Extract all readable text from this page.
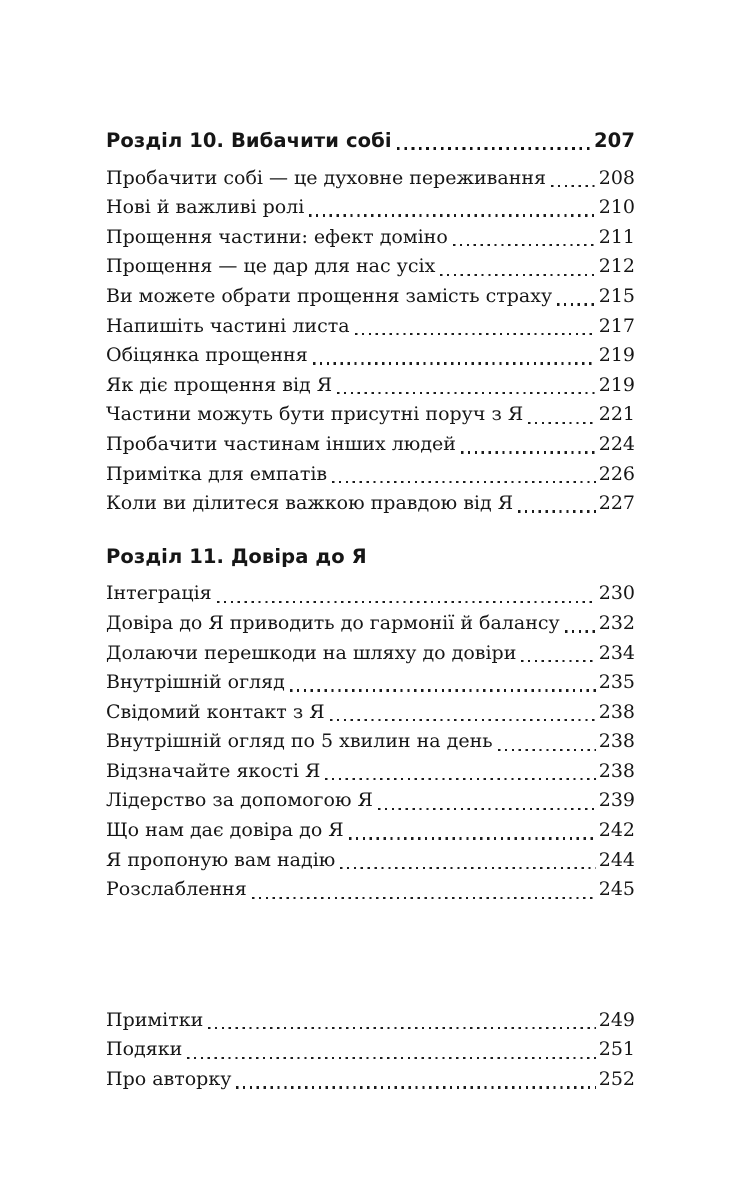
Розділ 10. Вибачити собі	207
Пробачити собі — це духовне переживання	208
Нові й важливі ролі	210
Прощення частини: ефект доміно	211
Прощення — це дар для нас усіх	212
Ви можете обрати прощення замість страху 215
Напишіть частині листа	217
Обіцянка прощення	219
Як діє прощення від Я	219
Частини можуть бути присутні поруч з Я	221
Пробачити частинам інших людей	224
Примітка для емпатів	226
Коли ви ділитеся важкою правдою від Я	227
Розділ 11. Довіра до Я
Інтеграція	230
Довіра до Я приводить до гармонії й балансу 232
Долаючи перешкоди на шляху до довіри	234
Внутрішній огляд	235
Свідомий контакт з Я	238
Внутрішній огляд по 5 хвилин на день	238
Відзначайте якості Я	238
Лідерство за допомогою Я	239
Що нам дає довіра до Я	242
Я пропоную вам надію	244
Розслаблення	245
Примітки	249
Подяки	251
Про авторку	252
